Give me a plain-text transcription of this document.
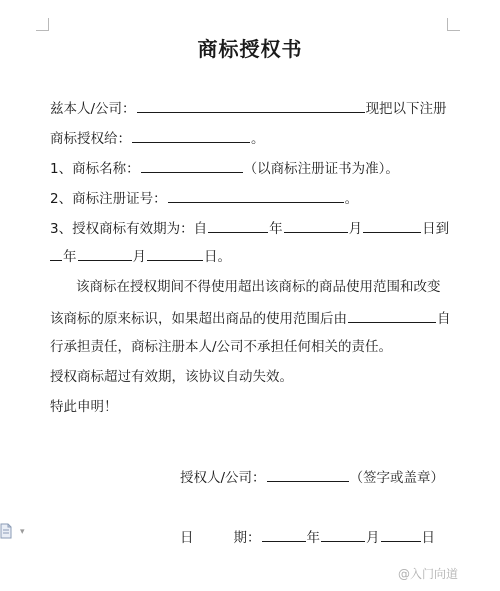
商标授权书
兹本人/公司：	现把以下注册
商标授权给：	。
1、商标名称：	（以商标注册证书为准）。
2、商标注册证号：	。
3、授权商标有效期为：自	年	月	日到
年	月	日。
该商标在授权期间不得使用超出该商标的商品使用范围和改变
该商标的原来标识，如果超出商品的使用范围后由	自
行承担责任，商标注册本人/公司不承担任何相关的责任。
授权商标超过有效期，该协议自动失效。
特此申明！
授权人/公司：	（签字或盖章）
日	期：	年	月	日
▾
@入门向道
